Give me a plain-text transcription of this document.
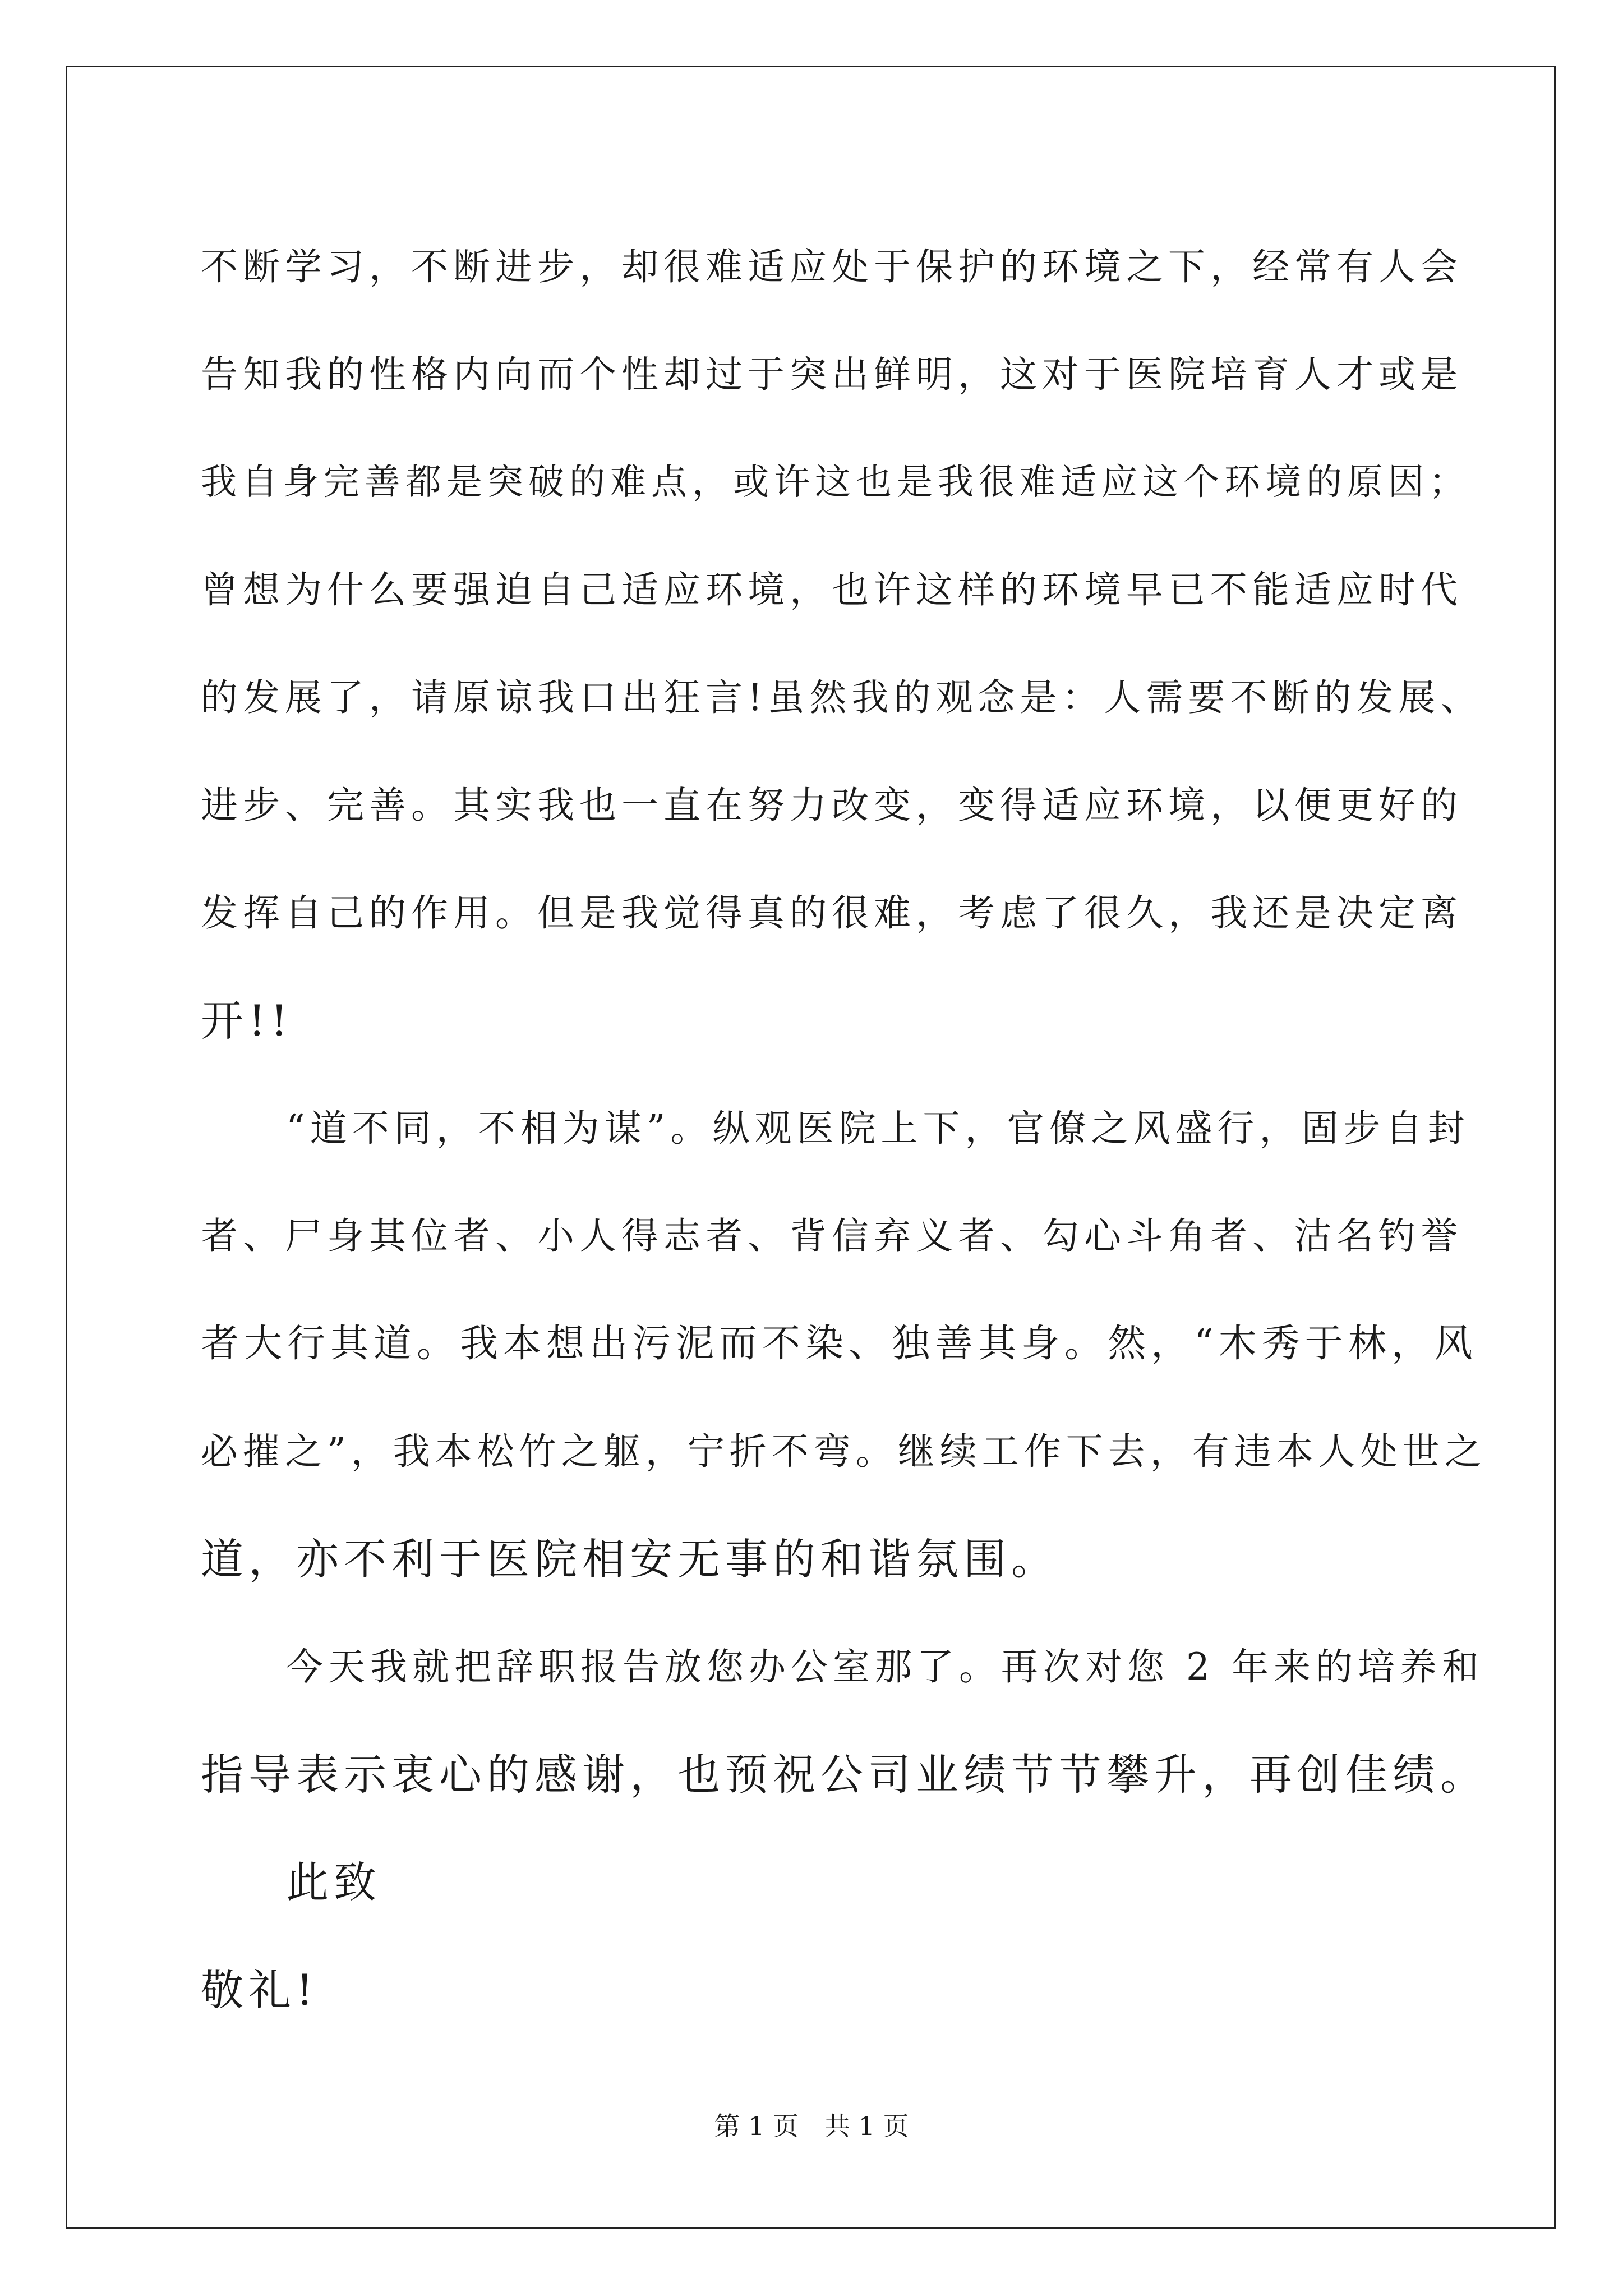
不断学习，不断进步，却很难适应处于保护的环境之下，经常有人会
告知我的性格内向而个性却过于突出鲜明，这对于医院培育人才或是
我自身完善都是突破的难点，或许这也是我很难适应这个环境的原因；
曾想为什么要强迫自己适应环境，也许这样的环境早已不能适应时代
的发展了，请原谅我口出狂言!虽然我的观念是：人需要不断的发展、
进步、完善。其实我也一直在努力改变，变得适应环境，以便更好的
发挥自己的作用。但是我觉得真的很难，考虑了很久，我还是决定离
开!!
“道不同，不相为谋”。纵观医院上下，官僚之风盛行，固步自封
者、尸身其位者、小人得志者、背信弃义者、勾心斗角者、沽名钓誉
者大行其道。我本想出污泥而不染、独善其身。然，“木秀于林，风
必摧之”，我本松竹之躯，宁折不弯。继续工作下去，有违本人处世之
道，亦不利于医院相安无事的和谐氛围。
今天我就把辞职报告放您办公室那了。再次对您 2 年来的培养和
指导表示衷心的感谢，也预祝公司业绩节节攀升，再创佳绩。
此致
敬礼!
第 1 页 共 1 页
